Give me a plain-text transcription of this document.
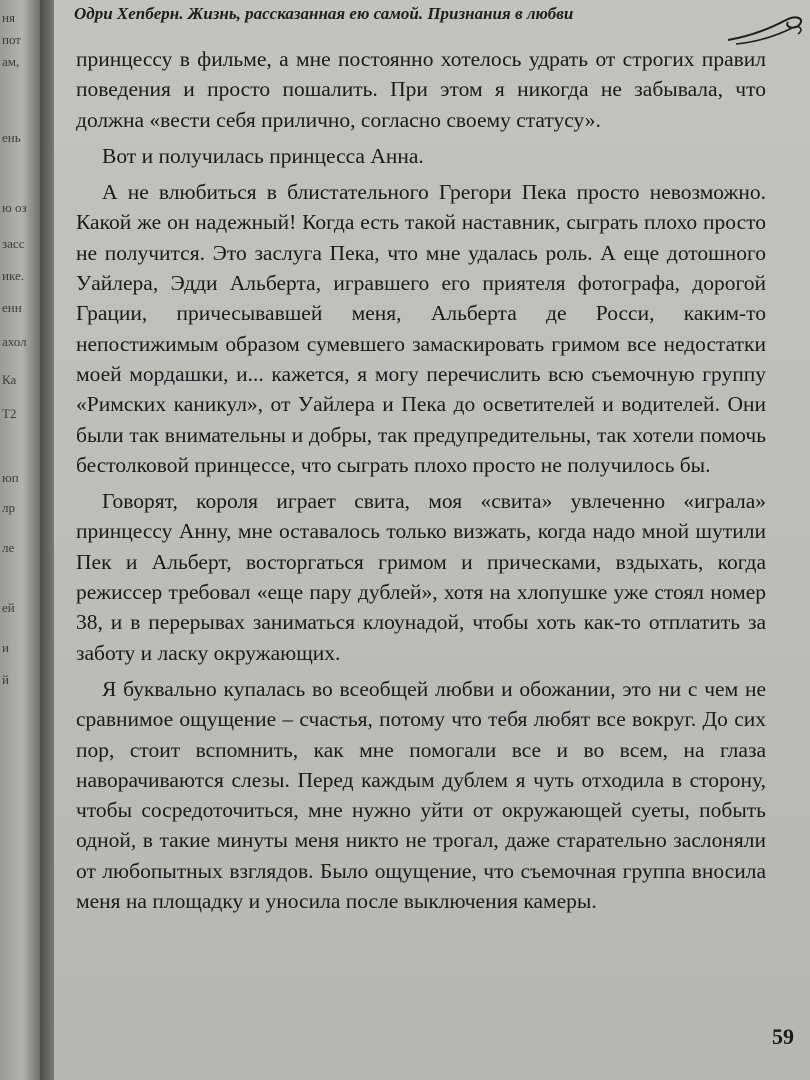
ня
пот
ам,
ень
ю оз
засс
ике.
енн
ахол
Ка
Т2
юп
лр
ле
ей
и
й
Одри Хепберн. Жизнь, рассказанная ею самой. Признания в любви

принцессу в фильме, а мне постоянно хотелось удрать от строгих правил поведения и просто пошалить. При этом я никогда не забывала, что должна «вести себя прилично, согласно своему статусу».

Вот и получилась принцесса Анна.

А не влюбиться в блистательного Грегори Пека просто невозможно. Какой же он надежный! Когда есть такой наставник, сыграть плохо просто не получится. Это заслуга Пека, что мне удалась роль. А еще дотошного Уайлера, Эдди Альберта, игравшего его приятеля фотографа, дорогой Грации, причесывавшей меня, Альберта де Росси, каким-то непостижимым образом сумевшего замаскировать гримом все недостатки моей мордашки, и... кажется, я могу перечислить всю съемочную группу «Римских каникул», от Уайлера и Пека до осветителей и водителей. Они были так внимательны и добры, так предупредительны, так хотели помочь бестолковой принцессе, что сыграть плохо просто не получилось бы.

Говорят, короля играет свита, моя «свита» увлеченно «играла» принцессу Анну, мне оставалось только визжать, когда надо мной шутили Пек и Альберт, восторгаться гримом и прическами, вздыхать, когда режиссер требовал «еще пару дублей», хотя на хлопушке уже стоял номер 38, и в перерывах заниматься клоунадой, чтобы хоть как-то отплатить за заботу и ласку окружающих.

Я буквально купалась во всеобщей любви и обожании, это ни с чем не сравнимое ощущение – счастья, потому что тебя любят все вокруг. До сих пор, стоит вспомнить, как мне помогали все и во всем, на глаза наворачиваются слезы. Перед каждым дублем я чуть отходила в сторону, чтобы сосредоточиться, мне нужно уйти от окружающей суеты, побыть одной, в такие минуты меня никто не трогал, даже старательно заслоняли от любопытных взглядов. Было ощущение, что съемочная группа вносила меня на площадку и уносила после выключения камеры.

59
